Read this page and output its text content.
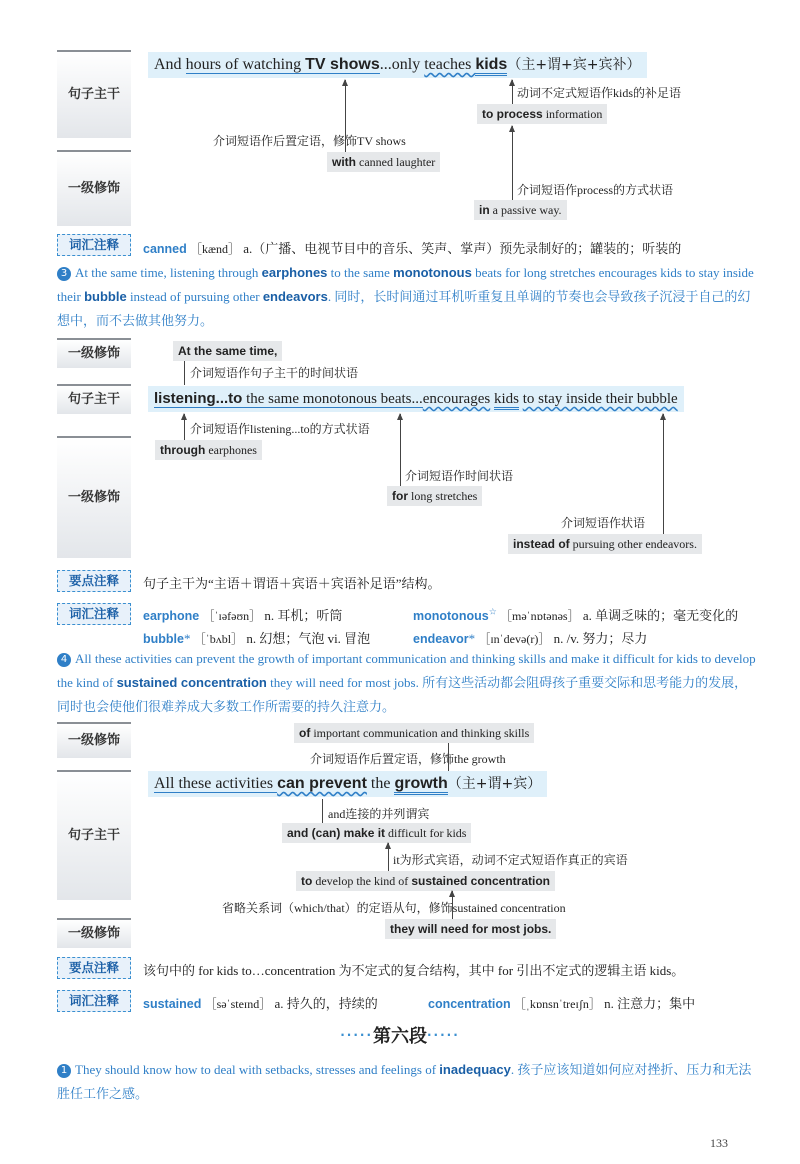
句子主干
一级修饰
And hours of watching TV shows...only teaches kids（主+谓+宾+宾补）
动词不定式短语作kids的补足语
to process information
介词短语作后置定语，修饰TV shows
with canned laughter
介词短语作process的方式状语
in a passive way.
词汇注释	canned ［kænd］ a.（广播、电视节目中的音乐、笑声、掌声）预先录制好的；罐装的；听装的
3 At the same time, listening through earphones to the same monotonous beats for long stretches encourages kids to stay inside their bubble instead of pursuing other endeavors. 同时，长时间通过耳机听重复且单调的节奏也会导致孩子沉浸于自己的幻想中，而不去做其他努力。
一级修饰
句子主干
一级修饰
At the same time,
介词短语作句子主干的时间状语
listening...to the same monotonous beats...encourages kids to stay inside their bubble
介词短语作listening...to的方式状语
through earphones
介词短语作时间状语
for long stretches
介词短语作状语
instead of pursuing other endeavors.
要点注释	句子主干为“主语＋谓语＋宾语＋宾语补足语”结构。
词汇注释	earphone ［ˈɪəfəʊn］ n. 耳机；听筒	monotonous☆ ［məˈnɒtənəs］ a. 单调乏味的；毫无变化的
bubble* ［ˈbʌbl］ n. 幻想；气泡 vi. 冒泡	endeavor* ［ɪnˈdevə(r)］ n. /v. 努力；尽力
4 All these activities can prevent the growth of important communication and thinking skills and make it difficult for kids to develop the kind of sustained concentration they will need for most jobs. 所有这些活动都会阻碍孩子重要交际和思考能力的发展，同时也会使他们很难养成大多数工作所需要的持久注意力。
一级修饰
句子主干
一级修饰
of important communication and thinking skills
介词短语作后置定语，修饰the growth
All these activities can prevent the growth（主+谓+宾）
and连接的并列谓宾
and (can) make it difficult for kids
it为形式宾语，动词不定式短语作真正的宾语
to develop the kind of sustained concentration
省略关系词（which/that）的定语从句，修饰sustained concentration
they will need for most jobs.
要点注释	该句中的 for kids to…concentration 为不定式的复合结构，其中 for 引出不定式的逻辑主语 kids。
词汇注释	sustained ［səˈsteɪnd］ a. 持久的，持续的	concentration ［ˌkɒnsnˈtreɪʃn］ n. 注意力；集中
·····第六段·····
1 They should know how to deal with setbacks, stresses and feelings of inadequacy. 孩子应该知道如何应对挫折、压力和无法胜任工作之感。
133
